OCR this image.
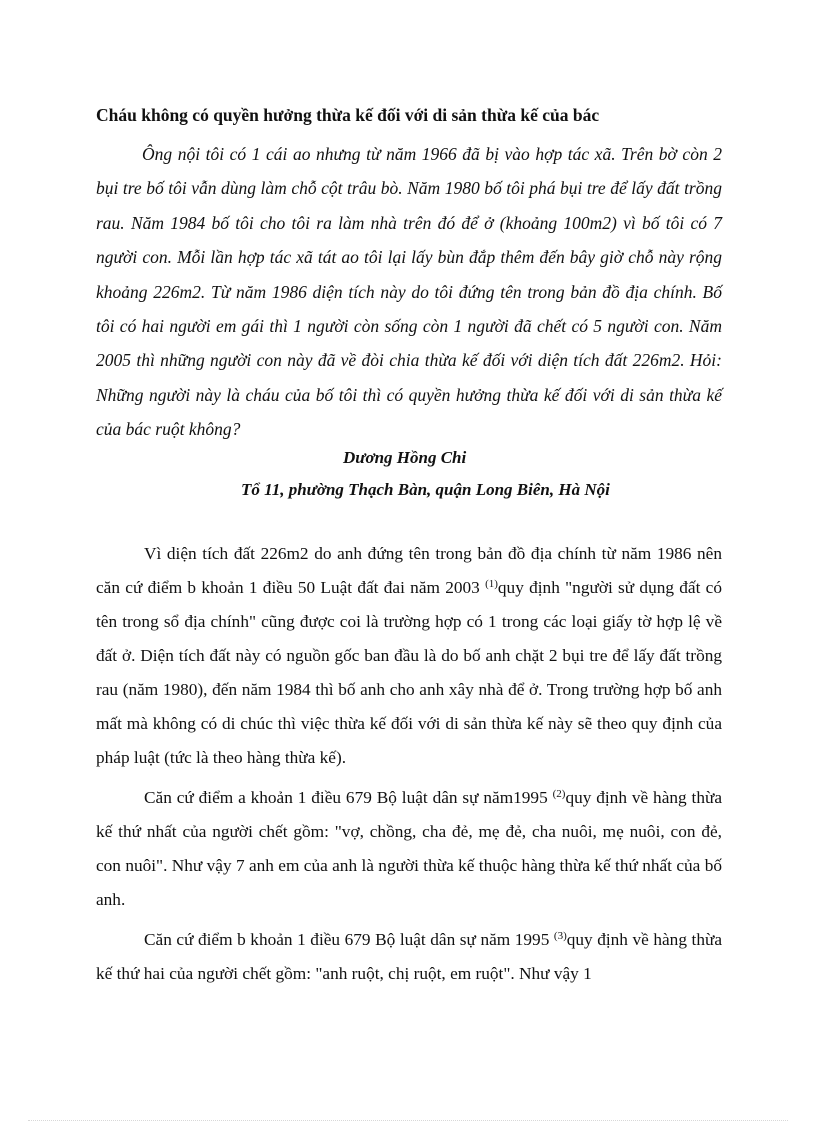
Cháu không có quyền hưởng thừa kế đối với di sản thừa kế của bác

Ông nội tôi có 1 cái ao nhưng từ năm 1966 đã bị vào hợp tác xã. Trên bờ còn 2 bụi tre bố tôi vẫn dùng làm chỗ cột trâu bò. Năm 1980 bố tôi phá bụi tre để lấy đất trồng rau. Năm 1984 bố tôi cho tôi ra làm nhà trên đó để ở (khoảng 100m2) vì bố tôi có 7 người con. Mỗi lần hợp tác xã tát ao tôi lại lấy bùn đắp thêm đến bây giờ chỗ này rộng khoảng 226m2. Từ năm 1986 diện tích này do tôi đứng tên trong bản đồ địa chính. Bố tôi có hai người em gái thì 1 người còn sống còn 1 người đã chết có 5 người con. Năm 2005 thì những người con này đã về đòi chia thừa kế đối với diện tích đất 226m2. Hỏi: Những người này là cháu của bố tôi thì có quyền hưởng thừa kế đối với di sản thừa kế của bác ruột không?

Dương Hồng Chi
Tổ 11, phường Thạch Bàn, quận Long Biên, Hà Nội

Vì diện tích đất 226m2 do anh đứng tên trong bản đồ địa chính từ năm 1986 nên căn cứ điểm b khoản 1 điều 50 Luật đất đai năm 2003 $^{(1)}$quy định "người sử dụng đất có tên trong sổ địa chính" cũng được coi là trường hợp có 1 trong các loại giấy tờ hợp lệ về đất ở. Diện tích đất này có nguồn gốc ban đầu là do bố anh chặt 2 bụi tre để lấy đất trồng rau (năm 1980), đến năm 1984 thì bố anh cho anh xây nhà để ở. Trong trường hợp bố anh mất mà không có di chúc thì việc thừa kế đối với di sản thừa kế này sẽ theo quy định của pháp luật (tức là theo hàng thừa kế).

Căn cứ điểm a khoản 1 điều 679 Bộ luật dân sự năm1995 $^{(2)}$quy định về hàng thừa kế thứ nhất của người chết gồm: "vợ, chồng, cha đẻ, mẹ đẻ, cha nuôi, mẹ nuôi, con đẻ, con nuôi". Như vậy 7 anh em của anh là người thừa kế thuộc hàng thừa kế thứ nhất của bố anh.

Căn cứ điểm b khoản 1 điều 679 Bộ luật dân sự năm 1995 $^{(3)}$quy định về hàng thừa kế thứ hai của người chết gồm: "anh ruột, chị ruột, em ruột". Như vậy 1
